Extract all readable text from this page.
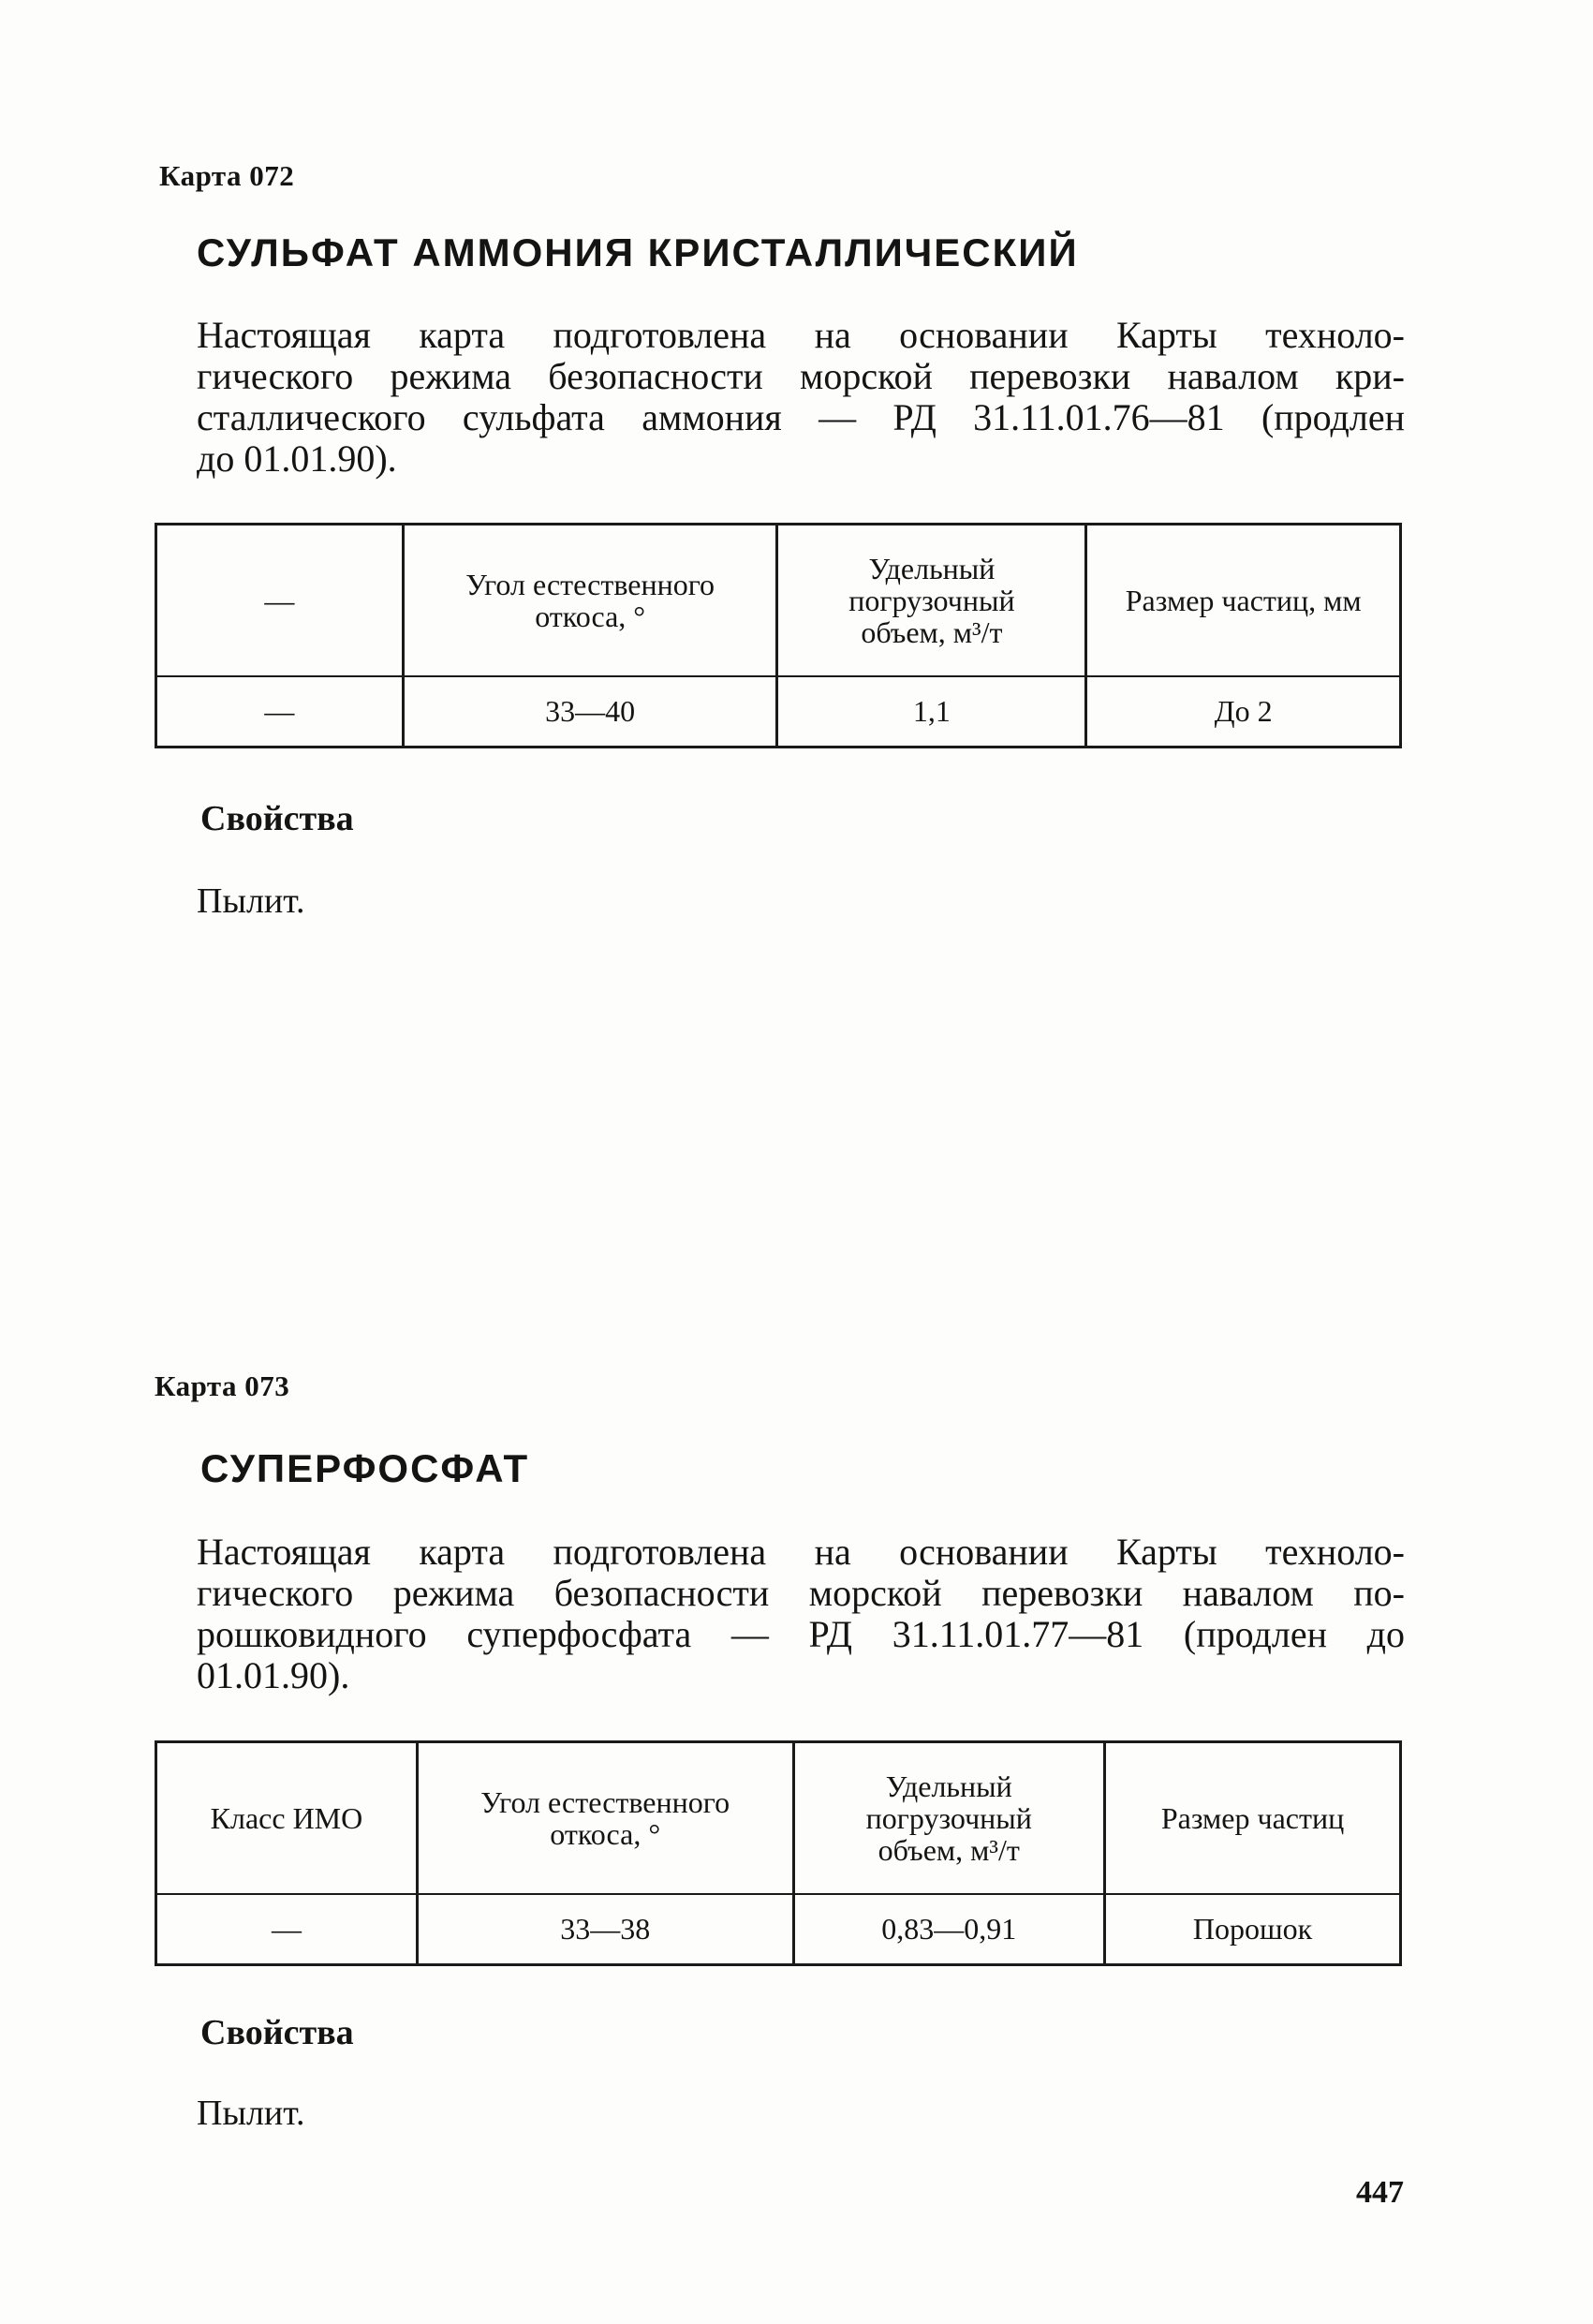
Карта 072
СУЛЬФАТ АММОНИЯ КРИСТАЛЛИЧЕСКИЙ
Настоящая карта подготовлена на основании Карты техноло-
гического режима безопасности морской перевозки навалом кри-
сталлического сульфата аммония — РД 31.11.01.76—81 (продлен
до 01.01.90).
—	Угол естественного откоса, °	Удельный погрузочный объем, м³/т	Размер частиц, мм
—	33—40	1,1	До 2
Свойства
Пылит.
Карта 073
СУПЕРФОСФАТ
Настоящая карта подготовлена на основании Карты техноло-
гического режима безопасности морской перевозки навалом по-
рошковидного суперфосфата — РД 31.11.01.77—81 (продлен до
01.01.90).
Класс ИМО	Угол естественного откоса, °	Удельный погрузочный объем, м³/т	Размер частиц
—	33—38	0,83—0,91	Порошок
Свойства
Пылит.
447
